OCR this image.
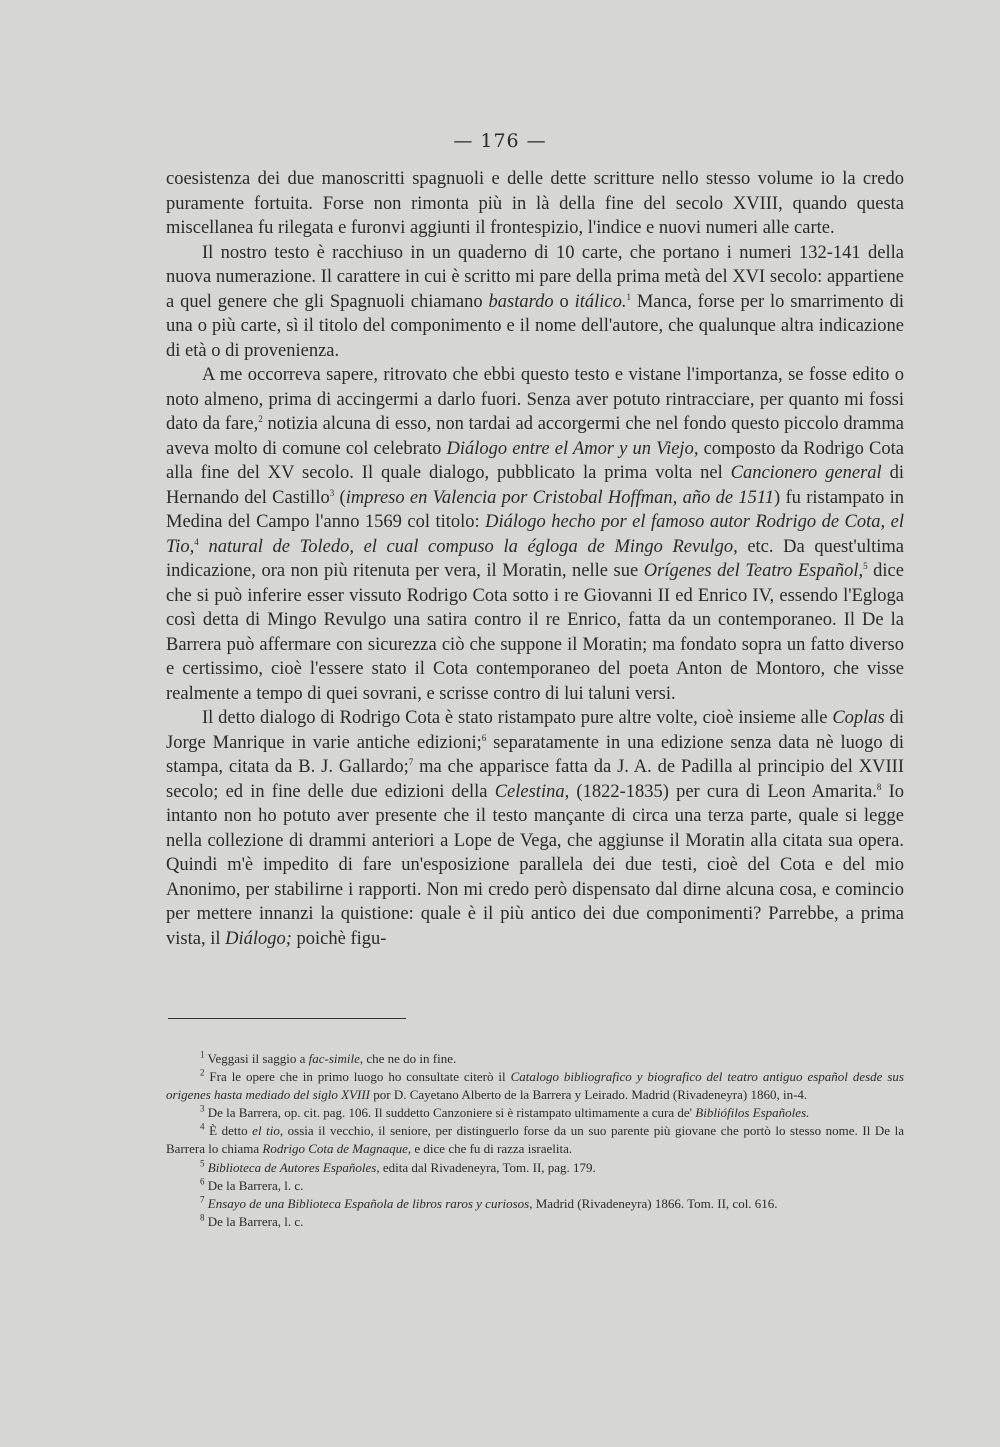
— 176 —

coesistenza dei due manoscritti spagnuoli e delle dette scritture nello stesso volume io la credo puramente fortuita. Forse non rimonta più in là della fine del secolo XVIII, quando questa miscellanea fu rilegata e furonvi aggiunti il frontespizio, l'indice e nuovi numeri alle carte.

Il nostro testo è racchiuso in un quaderno di 10 carte, che portano i numeri 132-141 della nuova numerazione. Il carattere in cui è scritto mi pare della prima metà del XVI secolo: appartiene a quel genere che gli Spagnuoli chiamano bastardo o itálico.$^1$ Manca, forse per lo smarrimento di una o più carte, sì il titolo del componimento e il nome dell'autore, che qualunque altra indicazione di età o di provenienza.

A me occorreva sapere, ritrovato che ebbi questo testo e vistane l'importanza, se fosse edito o noto almeno, prima di accingermi a darlo fuori. Senza aver potuto rintracciare, per quanto mi fossi dato da fare,$^2$ notizia alcuna di esso, non tardai ad accorgermi che nel fondo questo piccolo dramma aveva molto di comune col celebrato Diálogo entre el Amor y un Viejo, composto da Rodrigo Cota alla fine del XV secolo. Il quale dialogo, pubblicato la prima volta nel Cancionero general di Hernando del Castillo$^3$ (impreso en Valencia por Cristobal Hoffman, año de 1511) fu ristampato in Medina del Campo l'anno 1569 col titolo: Diálogo hecho por el famoso autor Rodrigo de Cota, el Tio,$^4$ natural de Toledo, el cual compuso la égloga de Mingo Revulgo, etc. Da quest'ultima indicazione, ora non più ritenuta per vera, il Moratin, nelle sue Orígenes del Teatro Español,$^5$ dice che si può inferire esser vissuto Rodrigo Cota sotto i re Giovanni II ed Enrico IV, essendo l'Egloga così detta di Mingo Revulgo una satira contro il re Enrico, fatta da un contemporaneo. Il De la Barrera può affermare con sicurezza ciò che suppone il Moratin; ma fondato sopra un fatto diverso e certissimo, cioè l'essere stato il Cota contemporaneo del poeta Anton de Montoro, che visse realmente a tempo di quei sovrani, e scrisse contro di lui taluni versi.

Il detto dialogo di Rodrigo Cota è stato ristampato pure altre volte, cioè insieme alle Coplas di Jorge Manrique in varie antiche edizioni;$^6$ separatamente in una edizione senza data nè luogo di stampa, citata da B. J. Gallardo;$^7$ ma che apparisce fatta da J. A. de Padilla al principio del XVIII secolo; ed in fine delle due edizioni della Celestina, (1822-1835) per cura di Leon Amarita.$^8$ Io intanto non ho potuto aver presente che il testo mançante di circa una terza parte, quale si legge nella collezione di drammi anteriori a Lope de Vega, che aggiunse il Moratin alla citata sua opera. Quindi m'è impedito di fare un'esposizione parallela dei due testi, cioè del Cota e del mio Anonimo, per stabilirne i rapporti. Non mi credo però dispensato dal dirne alcuna cosa, e comincio per mettere innanzi la quistione: quale è il più antico dei due componimenti? Parrebbe, a prima vista, il Diálogo; poichè figu-

$^1$ Veggasi il saggio a fac-simile, che ne do in fine.

$^2$ Fra le opere che in primo luogo ho consultate citerò il Catalogo bibliografico y biografico del teatro antiguo español desde sus origenes hasta mediado del siglo XVIII por D. Cayetano Alberto de la Barrera y Leirado. Madrid (Rivadeneyra) 1860, in-4.

$^3$ De la Barrera, op. cit. pag. 106. Il suddetto Canzoniere si è ristampato ultimamente a cura de' Bibliófilos Españoles.

$^4$ È detto el tio, ossia il vecchio, il seniore, per distinguerlo forse da un suo parente più giovane che portò lo stesso nome. Il De la Barrera lo chiama Rodrigo Cota de Magnaque, e dice che fu di razza israelita.

$^5$ Biblioteca de Autores Españoles, edita dal Rivadeneyra, Tom. II, pag. 179.

$^6$ De la Barrera, l. c.

$^7$ Ensayo de una Biblioteca Española de libros raros y curiosos, Madrid (Rivadeneyra) 1866. Tom. II, col. 616.

$^8$ De la Barrera, l. c.
